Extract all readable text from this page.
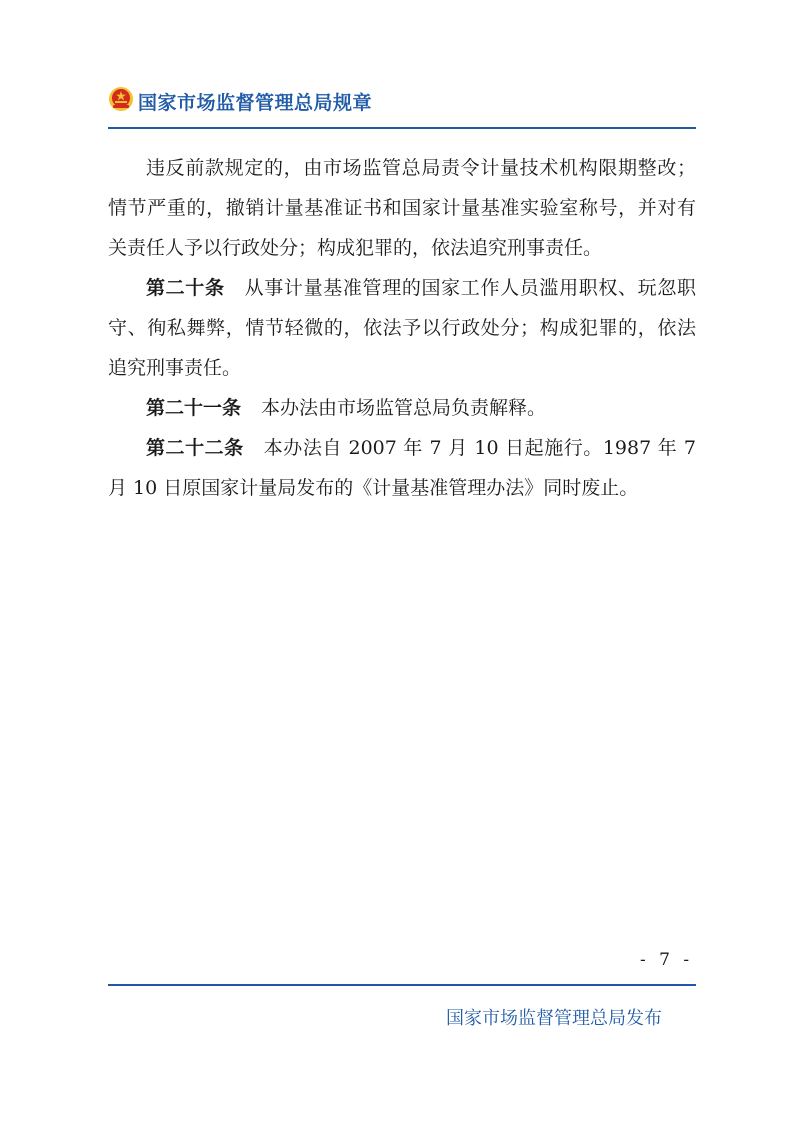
国家市场监督管理总局规章

违反前款规定的，由市场监管总局责令计量技术机构限期整改；情节严重的，撤销计量基准证书和国家计量基准实验室称号，并对有关责任人予以行政处分；构成犯罪的，依法追究刑事责任。

第二十条 从事计量基准管理的国家工作人员滥用职权、玩忽职守、徇私舞弊，情节轻微的，依法予以行政处分；构成犯罪的，依法追究刑事责任。

第二十一条 本办法由市场监管总局负责解释。

第二十二条 本办法自 2007 年 7 月 10 日起施行。1987 年 7 月 10 日原国家计量局发布的《计量基准管理办法》同时废止。

- 7 -
国家市场监督管理总局发布
